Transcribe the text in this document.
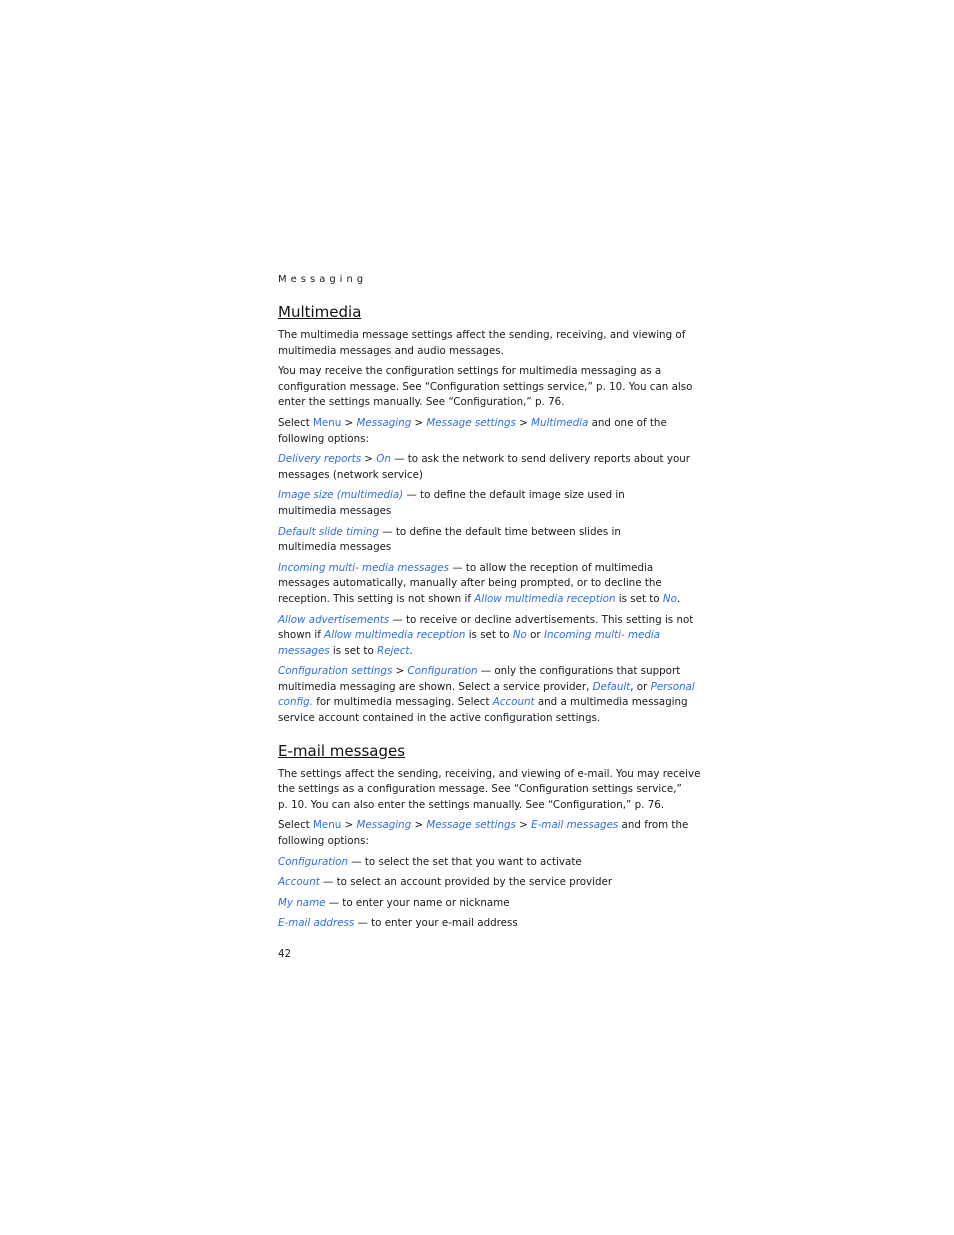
Messaging
Multimedia

The multimedia message settings affect the sending, receiving, and viewing of
multimedia messages and audio messages.

You may receive the configuration settings for multimedia messaging as a
configuration message. See “Configuration settings service,” p. 10. You can also
enter the settings manually. See “Configuration,” p. 76.

Select Menu > Messaging > Message settings > Multimedia and one of the
following options:

Delivery reports > On — to ask the network to send delivery reports about your
messages (network service)

Image size (multimedia) — to define the default image size used in
multimedia messages

Default slide timing — to define the default time between slides in
multimedia messages

Incoming multi- media messages — to allow the reception of multimedia
messages automatically, manually after being prompted, or to decline the
reception. This setting is not shown if Allow multimedia reception is set to No.

Allow advertisements — to receive or decline advertisements. This setting is not
shown if Allow multimedia reception is set to No or Incoming multi- media
messages is set to Reject.

Configuration settings > Configuration — only the configurations that support
multimedia messaging are shown. Select a service provider, Default, or Personal
config. for multimedia messaging. Select Account and a multimedia messaging
service account contained in the active configuration settings.

E-mail messages

The settings affect the sending, receiving, and viewing of e-mail. You may receive
the settings as a configuration message. See “Configuration settings service,”
p. 10. You can also enter the settings manually. See “Configuration,” p. 76.

Select Menu > Messaging > Message settings > E-mail messages and from the
following options:

Configuration — to select the set that you want to activate

Account — to select an account provided by the service provider

My name — to enter your name or nickname

E-mail address — to enter your e-mail address

42
